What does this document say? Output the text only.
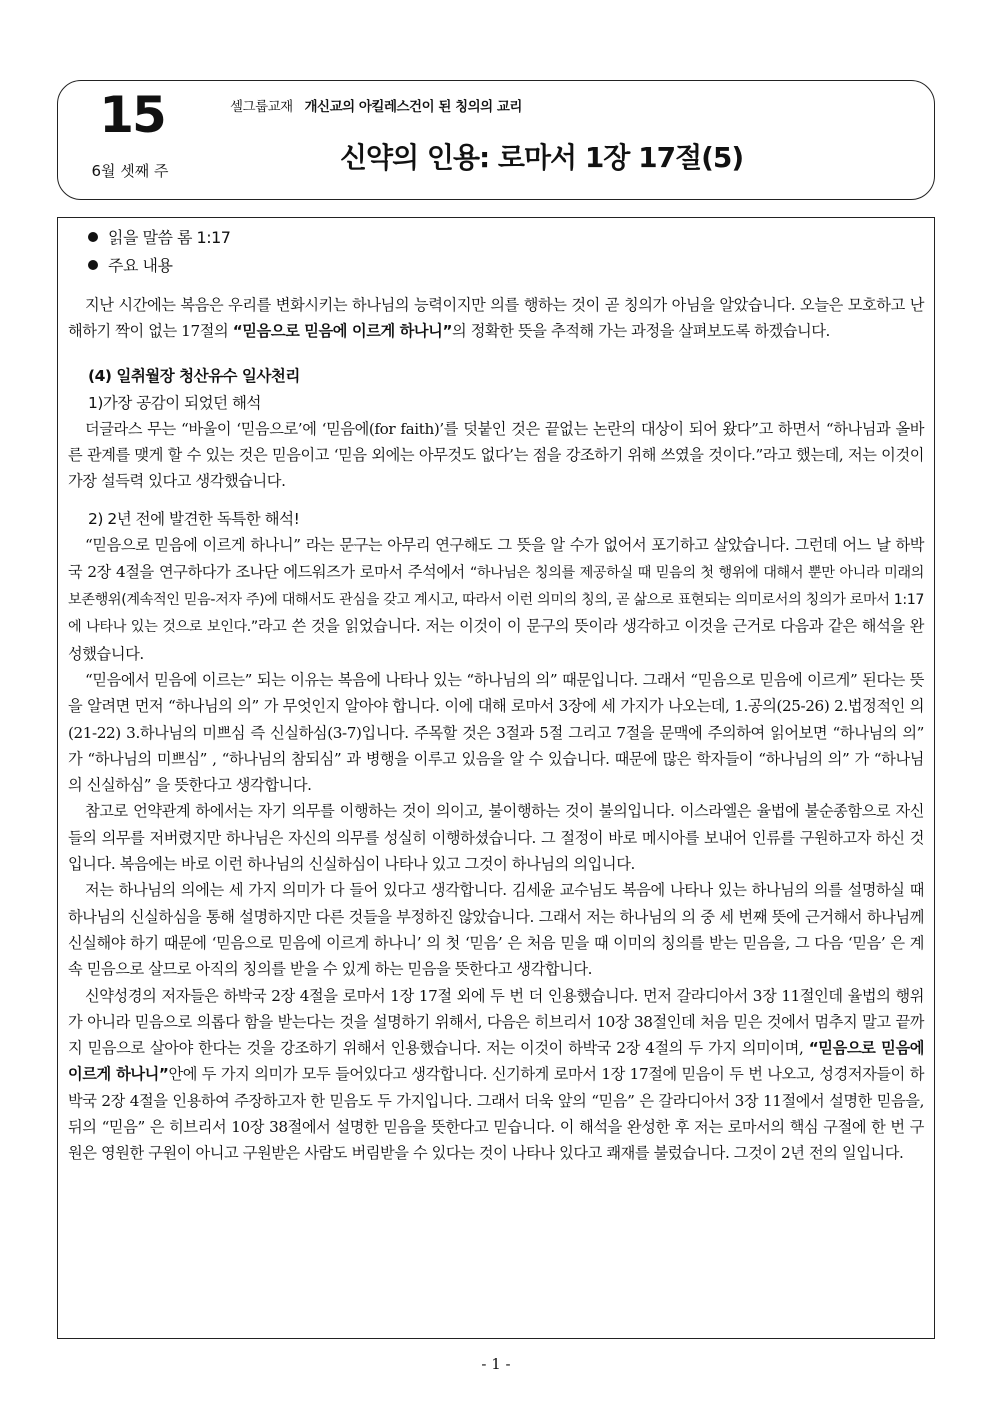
15
6월 셋째 주
셀그룹교재 개신교의 아킬레스건이 된 칭의의 교리
신약의 인용: 로마서 1장 17절(5)
읽을 말씀 롬 1:17
주요 내용

지난 시간에는 복음은 우리를 변화시키는 하나님의 능력이지만 의를 행하는 것이 곧 칭의가 아님을 알았습니다. 오늘은 모호하고 난해하기 짝이 없는 17절의 “믿음으로 믿음에 이르게 하나니”의 정확한 뜻을 추적해 가는 과정을 살펴보도록 하겠습니다.

(4) 일취월장 청산유수 일사천리
1)가장 공감이 되었던 해석

더글라스 무는 “바울이 ‘믿음으로’에 ‘믿음에(for faith)’를 덧붙인 것은 끝없는 논란의 대상이 되어 왔다”고 하면서 “하나님과 올바른 관계를 맺게 할 수 있는 것은 믿음이고 ‘믿음 외에는 아무것도 없다’는 점을 강조하기 위해 쓰였을 것이다.”라고 했는데, 저는 이것이 가장 설득력 있다고 생각했습니다.

2) 2년 전에 발견한 독특한 해석!

“믿음으로 믿음에 이르게 하나니” 라는 문구는 아무리 연구해도 그 뜻을 알 수가 없어서 포기하고 살았습니다. 그런데 어느 날 하박국 2장 4절을 연구하다가 조나단 에드워즈가 로마서 주석에서 “하나님은 칭의를 제공하실 때 믿음의 첫 행위에 대해서 뿐만 아니라 미래의 보존행위(계속적인 믿음-저자 주)에 대해서도 관심을 갖고 계시고, 따라서 이런 의미의 칭의, 곧 삶으로 표현되는 의미로서의 칭의가 로마서 1:17에 나타나 있는 것으로 보인다.”라고 쓴 것을 읽었습니다. 저는 이것이 이 문구의 뜻이라 생각하고 이것을 근거로 다음과 같은 해석을 완성했습니다.

“믿음에서 믿음에 이르는” 되는 이유는 복음에 나타나 있는 “하나님의 의” 때문입니다. 그래서 “믿음으로 믿음에 이르게” 된다는 뜻을 알려면 먼저 “하나님의 의” 가 무엇인지 알아야 합니다. 이에 대해 로마서 3장에 세 가지가 나오는데, 1.공의(25-26) 2.법정적인 의(21-22) 3.하나님의 미쁘심 즉 신실하심(3-7)입니다. 주목할 것은 3절과 5절 그리고 7절을 문맥에 주의하여 읽어보면 “하나님의 의” 가 “하나님의 미쁘심” , “하나님의 참되심” 과 병행을 이루고 있음을 알 수 있습니다. 때문에 많은 학자들이 “하나님의 의” 가 “하나님의 신실하심” 을 뜻한다고 생각합니다.

참고로 언약관계 하에서는 자기 의무를 이행하는 것이 의이고, 불이행하는 것이 불의입니다. 이스라엘은 율법에 불순종함으로 자신들의 의무를 저버렸지만 하나님은 자신의 의무를 성실히 이행하셨습니다. 그 절정이 바로 메시아를 보내어 인류를 구원하고자 하신 것입니다. 복음에는 바로 이런 하나님의 신실하심이 나타나 있고 그것이 하나님의 의입니다.

저는 하나님의 의에는 세 가지 의미가 다 들어 있다고 생각합니다. 김세윤 교수님도 복음에 나타나 있는 하나님의 의를 설명하실 때 하나님의 신실하심을 통해 설명하지만 다른 것들을 부정하진 않았습니다. 그래서 저는 하나님의 의 중 세 번째 뜻에 근거해서 하나님께 신실해야 하기 때문에 ‘믿음으로 믿음에 이르게 하나니’ 의 첫 ‘믿음’ 은 처음 믿을 때 이미의 칭의를 받는 믿음을, 그 다음 ‘믿음’ 은 계속 믿음으로 살므로 아직의 칭의를 받을 수 있게 하는 믿음을 뜻한다고 생각합니다.

신약성경의 저자들은 하박국 2장 4절을 로마서 1장 17절 외에 두 번 더 인용했습니다. 먼저 갈라디아서 3장 11절인데 율법의 행위가 아니라 믿음으로 의롭다 함을 받는다는 것을 설명하기 위해서, 다음은 히브리서 10장 38절인데 처음 믿은 것에서 멈추지 말고 끝까지 믿음으로 살아야 한다는 것을 강조하기 위해서 인용했습니다. 저는 이것이 하박국 2장 4절의 두 가지 의미이며, “믿음으로 믿음에 이르게 하나니”안에 두 가지 의미가 모두 들어있다고 생각합니다. 신기하게 로마서 1장 17절에 믿음이 두 번 나오고, 성경저자들이 하박국 2장 4절을 인용하여 주장하고자 한 믿음도 두 가지입니다. 그래서 더욱 앞의 “믿음” 은 갈라디아서 3장 11절에서 설명한 믿음을, 뒤의 “믿음” 은 히브리서 10장 38절에서 설명한 믿음을 뜻한다고 믿습니다. 이 해석을 완성한 후 저는 로마서의 핵심 구절에 한 번 구원은 영원한 구원이 아니고 구원받은 사람도 버림받을 수 있다는 것이 나타나 있다고 쾌재를 불렀습니다. 그것이 2년 전의 일입니다.

- 1 -
